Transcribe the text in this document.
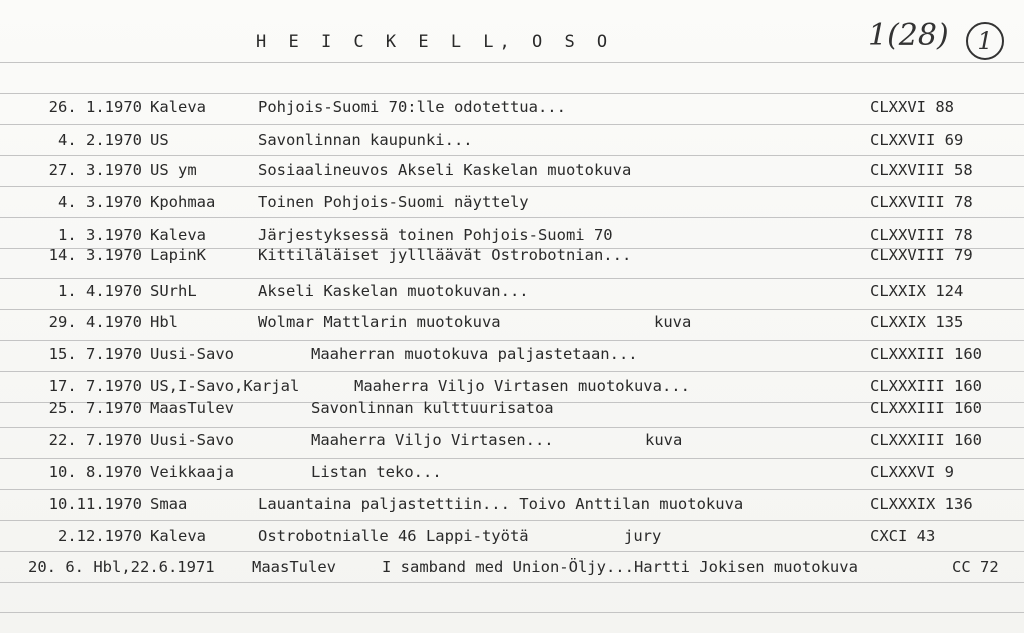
H E I C K E L L, O S O	1(28)	1
26. 1.1970 Kaleva	Pohjois-Suomi 70:lle odotettua...	CLXXVI 88
4. 2.1970 US	Savonlinnan kaupunki...	CLXXVII 69
27. 3.1970 US ym	Sosiaalineuvos Akseli Kaskelan muotokuva	CLXXVIII 58
4. 3.1970 Kpohmaa	Toinen Pohjois-Suomi näyttely	CLXXVIII 78
1. 3.1970 Kaleva	Järjestyksessä toinen Pohjois-Suomi 70	CLXXVIII 78
14. 3.1970 LapinK	Kittiläläiset jyllläävät Ostrobotnian...	CLXXVIII 79
1. 4.1970 SUrhL	Akseli Kaskelan muotokuvan...	CLXXIX 124
29. 4.1970 Hbl	Wolmar Mattlarin muotokuva	kuva	CLXXIX 135
15. 7.1970 Uusi-Savo	Maaherran muotokuva paljastetaan...	CLXXXIII 160
17. 7.1970 US,I-Savo,Karjal	Maaherra Viljo Virtasen muotokuva...	CLXXXIII 160
25. 7.1970 MaasTulev	Savonlinnan kulttuurisatoa	CLXXXIII 160
22. 7.1970 Uusi-Savo	Maaherra Viljo Virtasen...	kuva	CLXXXIII 160
10. 8.1970 Veikkaaja	Listan teko...	CLXXXVI 9
10.11.1970 Smaa	Lauantaina paljastettiin... Toivo Anttilan muotokuva	CLXXXIX 136
2.12.1970 Kaleva	Ostrobotnialle 46 Lappi-työtä	jury	CXCI 43
20. 6. Hbl,22.6.1971 MaasTulev	I samband med Union-Öljy...Hartti Jokisen muotokuva	CC 72
